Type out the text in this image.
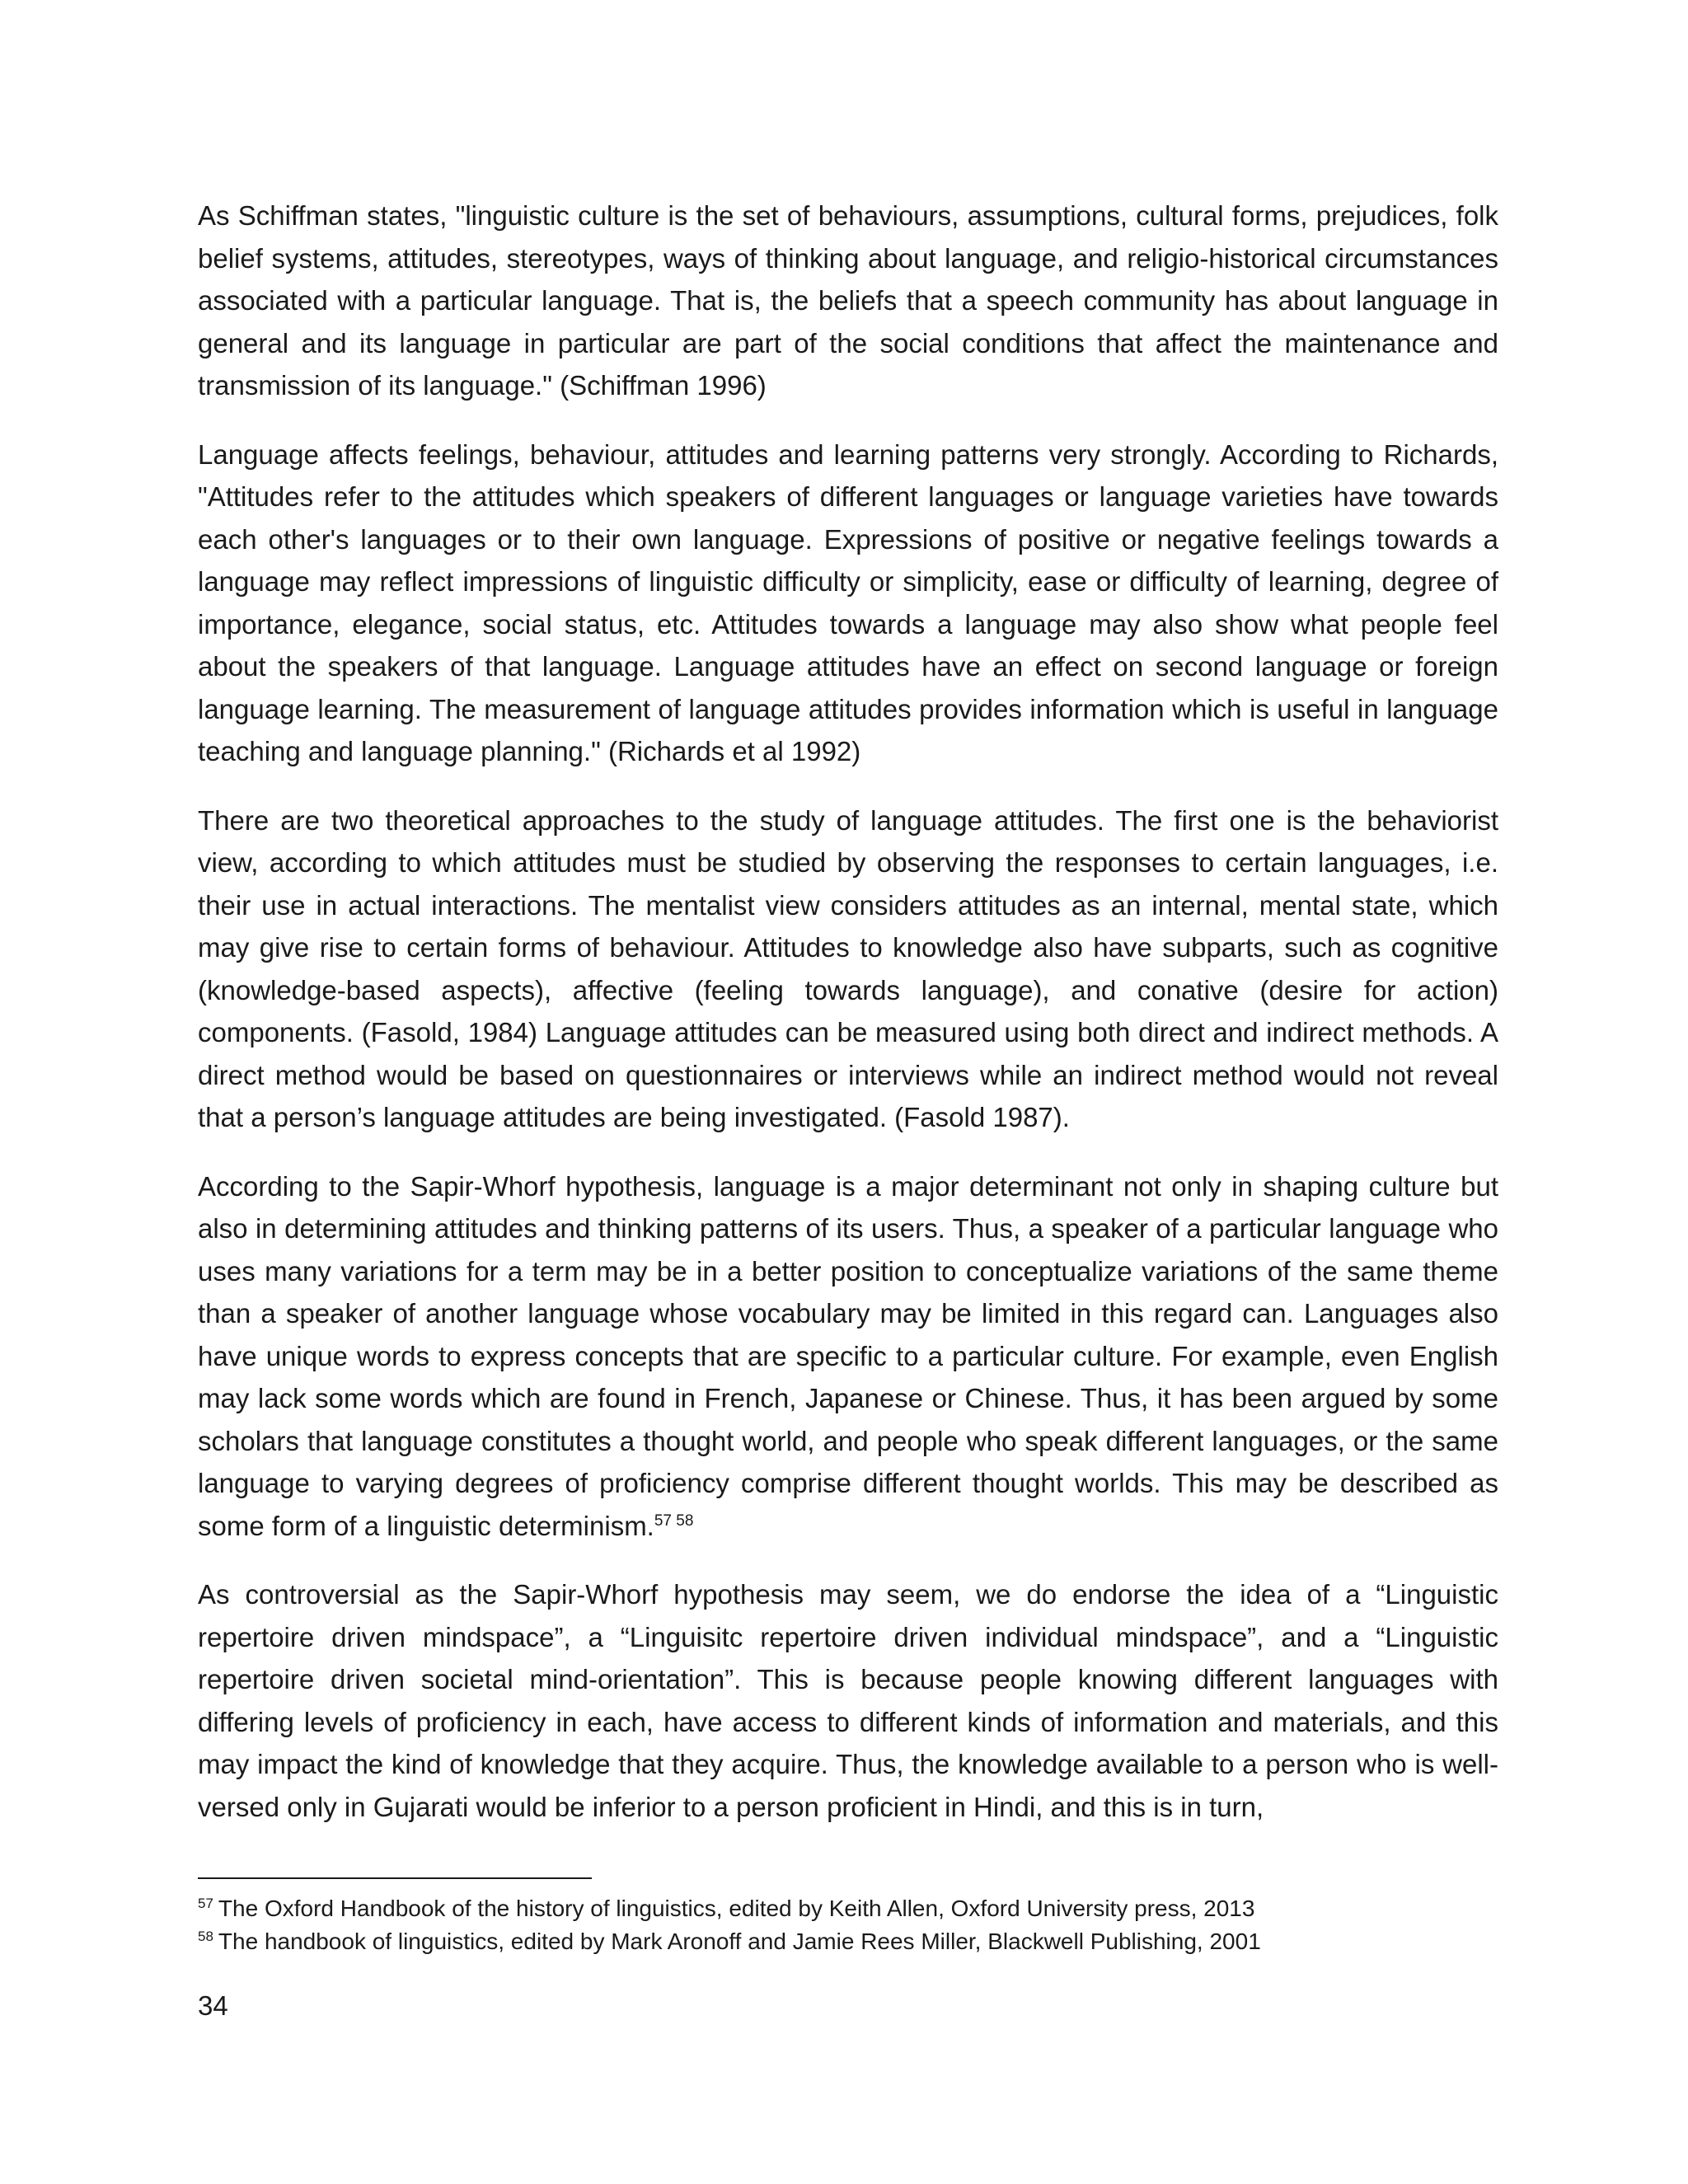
As Schiffman states, "linguistic culture is the set of behaviours, assumptions, cultural forms, prejudices, folk belief systems, attitudes, stereotypes, ways of thinking about language, and religio-historical circumstances associated with a particular language. That is, the beliefs that a speech community has about language in general and its language in particular are part of the social conditions that affect the maintenance and transmission of its language." (Schiffman 1996)

Language affects feelings, behaviour, attitudes and learning patterns very strongly. According to Richards, "Attitudes refer to the attitudes which speakers of different languages or language varieties have towards each other's languages or to their own language. Expressions of positive or negative feelings towards a language may reflect impressions of linguistic difficulty or simplicity, ease or difficulty of learning, degree of importance, elegance, social status, etc. Attitudes towards a language may also show what people feel about the speakers of that language. Language attitudes have an effect on second language or foreign language learning. The measurement of language attitudes provides information which is useful in language teaching and language planning." (Richards et al 1992)

There are two theoretical approaches to the study of language attitudes. The first one is the behaviorist view, according to which attitudes must be studied by observing the responses to certain languages, i.e. their use in actual interactions. The mentalist view considers attitudes as an internal, mental state, which may give rise to certain forms of behaviour. Attitudes to knowledge also have subparts, such as cognitive (knowledge-based aspects), affective (feeling towards language), and conative (desire for action) components. (Fasold, 1984) Language attitudes can be measured using both direct and indirect methods. A direct method would be based on questionnaires or interviews while an indirect method would not reveal that a person’s language attitudes are being investigated. (Fasold 1987).

According to the Sapir-Whorf hypothesis, language is a major determinant not only in shaping culture but also in determining attitudes and thinking patterns of its users. Thus, a speaker of a particular language who uses many variations for a term may be in a better position to conceptualize variations of the same theme than a speaker of another language whose vocabulary may be limited in this regard can. Languages also have unique words to express concepts that are specific to a particular culture. For example, even English may lack some words which are found in French, Japanese or Chinese. Thus, it has been argued by some scholars that language constitutes a thought world, and people who speak different languages, or the same language to varying degrees of proficiency comprise different thought worlds. This may be described as some form of a linguistic determinism.$^{57 58}$

As controversial as the Sapir-Whorf hypothesis may seem, we do endorse the idea of a “Linguistic repertoire driven mindspace”, a “Linguisitc repertoire driven individual mindspace”, and a “Linguistic repertoire driven societal mind-orientation”. This is because people knowing different languages with differing levels of proficiency in each, have access to different kinds of information and materials, and this may impact the kind of knowledge that they acquire. Thus, the knowledge available to a person who is well-versed only in Gujarati would be inferior to a person proficient in Hindi, and this is in turn,

$^{57}$ The Oxford Handbook of the history of linguistics, edited by Keith Allen, Oxford University press, 2013

$^{58}$ The handbook of linguistics, edited by Mark Aronoff and Jamie Rees Miller, Blackwell Publishing, 2001

34
